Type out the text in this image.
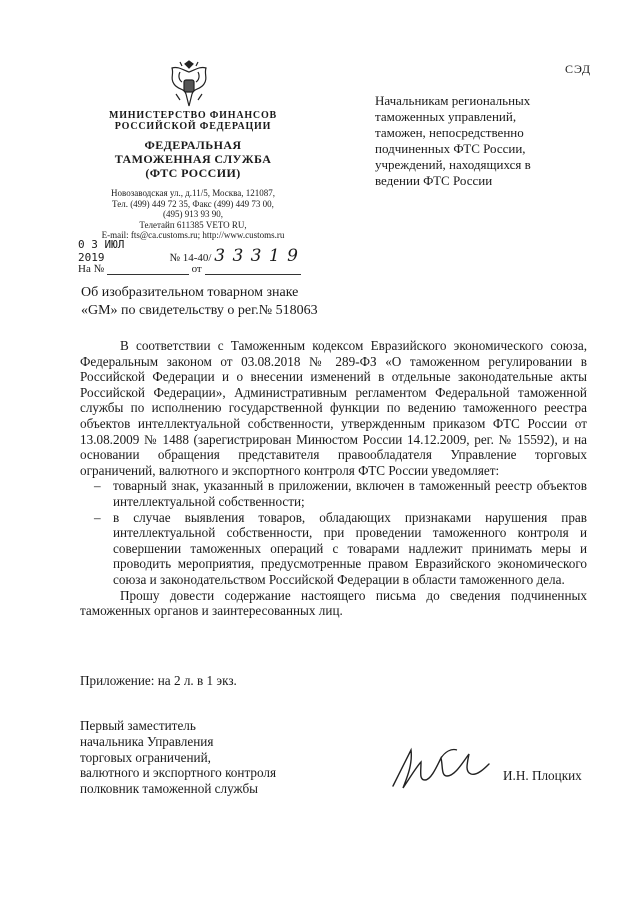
СЭД
МИНИСТЕРСТВО ФИНАНСОВ
РОССИЙСКОЙ ФЕДЕРАЦИИ
ФЕДЕРАЛЬНАЯ
ТАМОЖЕННАЯ СЛУЖБА
(ФТС РОССИИ)
Новозаводская ул., д.11/5, Москва, 121087,
Тел. (499) 449 72 35, Факс (499) 449 73 00,
(495) 913 93 90,
Телетайп 611385 VETO RU,
E-mail: fts@ca.customs.ru; http://www.customs.ru
0 3 ИЮЛ 2019	№ 14-40/ 3 3 3 1 9
На №	от
Начальникам региональных
таможенных управлений,
таможен, непосредственно
подчиненных ФТС России,
учреждений, находящихся в
ведении ФТС России
Об изобразительном товарном знаке
«GM» по свидетельству о рег.№ 518063

В соответствии с Таможенным кодексом Евразийского экономического союза, Федеральным законом от 03.08.2018 № 289-ФЗ «О таможенном регулировании в Российской Федерации и о внесении изменений в отдельные законодательные акты Российской Федерации», Административным регламентом Федеральной таможенной службы по исполнению государственной функции по ведению таможенного реестра объектов интеллектуальной собственности, утвержденным приказом ФТС России от 13.08.2009 № 1488 (зарегистрирован Минюстом России 14.12.2009, рег. № 15592), и на основании обращения представителя правообладателя Управление торговых ограничений, валютного и экспортного контроля ФТС России уведомляет:

– товарный знак, указанный в приложении, включен в таможенный реестр объектов интеллектуальной собственности;
– в случае выявления товаров, обладающих признаками нарушения прав интеллектуальной собственности, при проведении таможенного контроля и совершении таможенных операций с товарами надлежит принимать меры и проводить мероприятия, предусмотренные правом Евразийского экономического союза и законодательством Российской Федерации в области таможенного дела.

Прошу довести содержание настоящего письма до сведения подчиненных таможенных органов и заинтересованных лиц.

Приложение: на 2 л. в 1 экз.
Первый заместитель
начальника Управления
торговых ограничений,
валютного и экспортного контроля
полковник таможенной службы
И.Н. Плоцких
